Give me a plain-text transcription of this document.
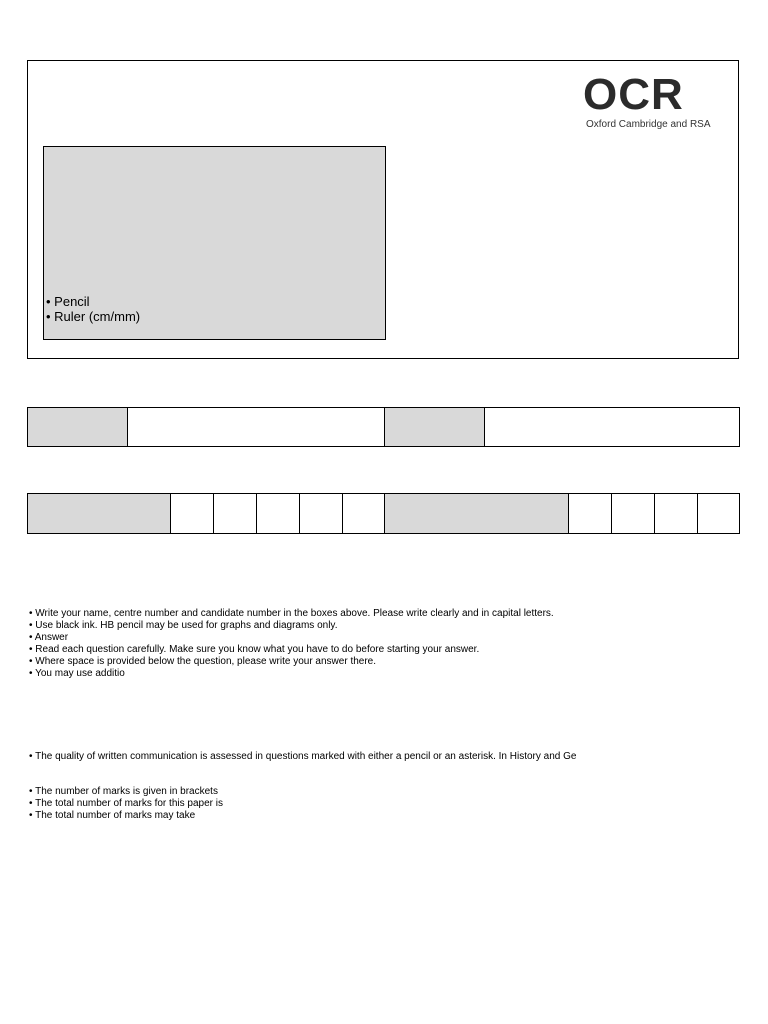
OCR
Oxford Cambridge and RSA
• Pencil
• Ruler (cm/mm)
• Write your name, centre number and candidate number in the boxes above. Please write clearly and in capital letters.
• Use black ink. HB pencil may be used for graphs and diagrams only.
• Answer
• Read each question carefully. Make sure you know what you have to do before starting your answer.
• Where space is provided below the question, please write your answer there.
• You may use additio
• The quality of written communication is assessed in questions marked with either a pencil or an asterisk. In History and Ge
• The number of marks is given in brackets
• The total number of marks for this paper is
• The total number of marks may take
